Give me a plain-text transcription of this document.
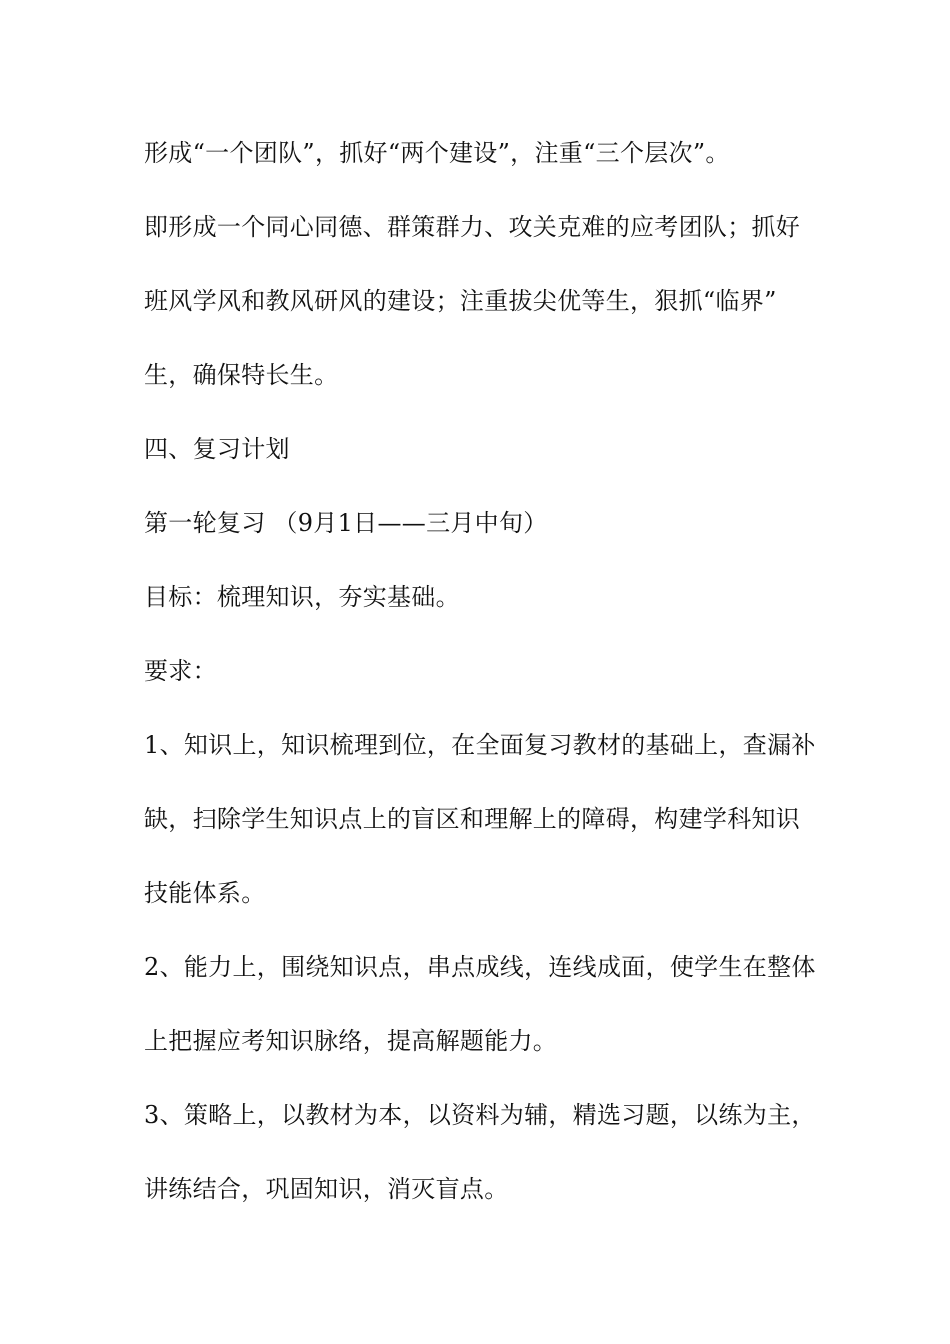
形成“一个团队”，抓好“两个建设”，注重“三个层次”。
即形成一个同心同德、群策群力、攻关克难的应考团队；抓好
班风学风和教风研风的建设；注重拔尖优等生，狠抓“临界”
生，确保特长生。
四、复习计划
第一轮复习 （9月1日——三月中旬）
目标：梳理知识，夯实基础。
要求：
1、知识上，知识梳理到位，在全面复习教材的基础上，查漏补
缺，扫除学生知识点上的盲区和理解上的障碍，构建学科知识
技能体系。
2、能力上，围绕知识点，串点成线，连线成面，使学生在整体
上把握应考知识脉络，提高解题能力。
3、策略上，以教材为本，以资料为辅，精选习题，以练为主，
讲练结合，巩固知识，消灭盲点。
